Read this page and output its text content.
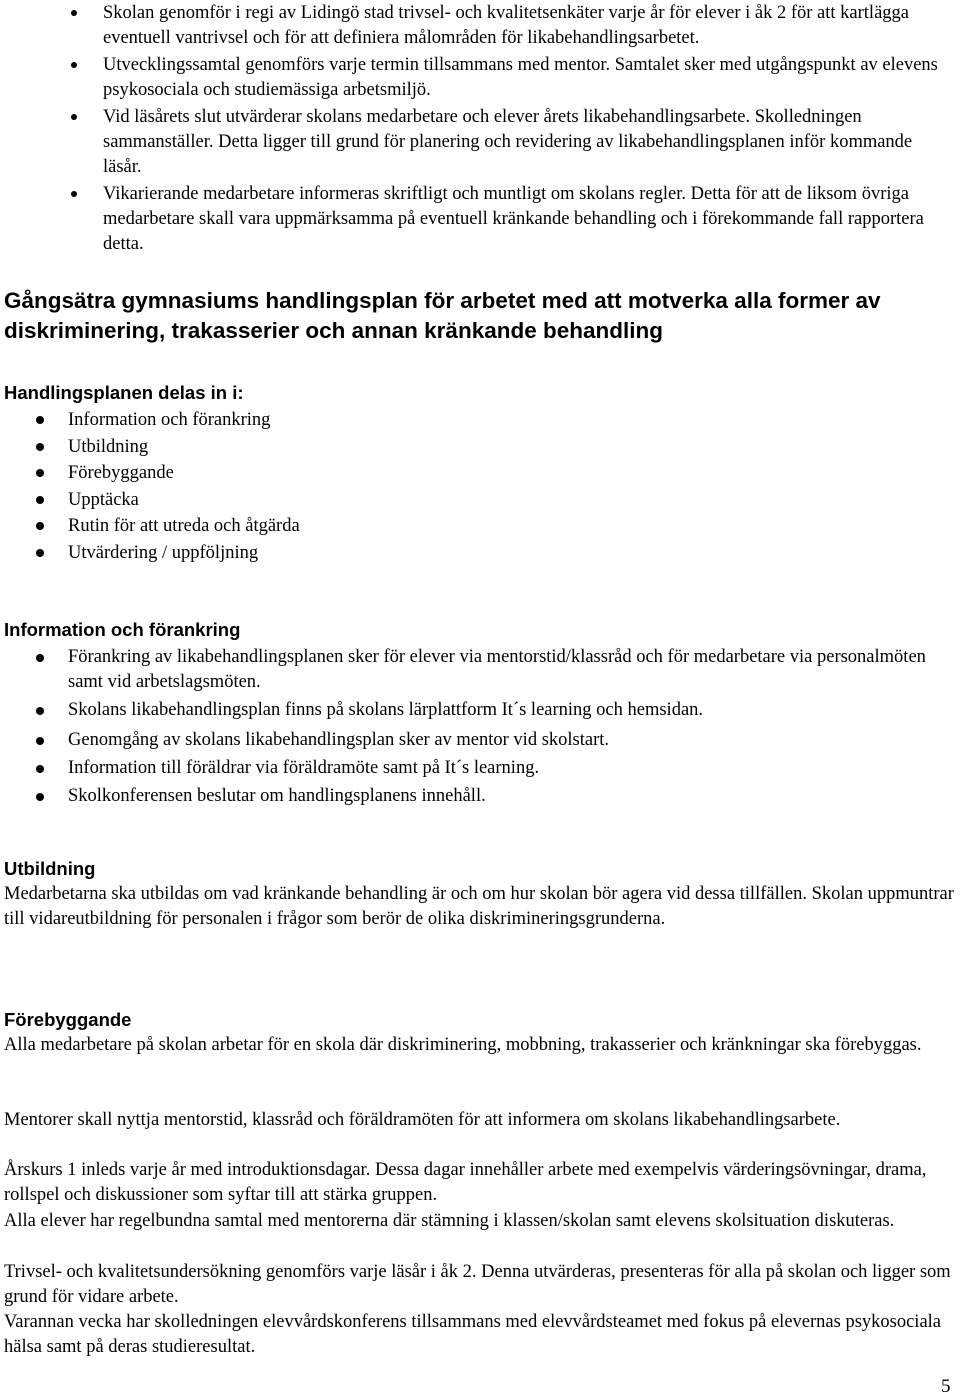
Skolan genomför i regi av Lidingö stad trivsel- och kvalitetsenkäter varje år för elever i åk 2 för att kartlägga eventuell vantrivsel och för att definiera målområden för likabehandlingsarbetet.
Utvecklingssamtal genomförs varje termin tillsammans med mentor. Samtalet sker med utgångspunkt av elevens psykosociala och studiemässiga arbetsmiljö.
Vid läsårets slut utvärderar skolans medarbetare och elever årets likabehandlingsarbete. Skolledningen sammanställer. Detta ligger till grund för planering och revidering av likabehandlingsplanen inför kommande läsår.
Vikarierande medarbetare informeras skriftligt och muntligt om skolans regler. Detta för att de liksom övriga medarbetare skall vara uppmärksamma på eventuell kränkande behandling och i förekommande fall rapportera detta.
Gångsätra gymnasiums handlingsplan för arbetet med att motverka alla former av diskriminering, trakasserier och annan kränkande behandling
Handlingsplanen delas in i:
Information och förankring
Utbildning
Förebyggande
Upptäcka
Rutin för att utreda och åtgärda
Utvärdering / uppföljning
Information och förankring
Förankring av likabehandlingsplanen sker för elever via mentorstid/klassråd och för medarbetare via personalmöten samt vid arbetslagsmöten.
Skolans likabehandlingsplan finns på skolans lärplattform It´s learning och hemsidan.
Genomgång av skolans likabehandlingsplan sker av mentor vid skolstart.
Information till föräldrar via föräldramöte samt på It´s learning.
Skolkonferensen beslutar om handlingsplanens innehåll.
Utbildning

Medarbetarna ska utbildas om vad kränkande behandling är och om hur skolan bör agera vid dessa tillfällen. Skolan uppmuntrar till vidareutbildning för personalen i frågor som berör de olika diskrimineringsgrunderna.

Förebyggande

Alla medarbetare på skolan arbetar för en skola där diskriminering, mobbning, trakasserier och kränkningar ska förebyggas.

Mentorer skall nyttja mentorstid, klassråd och föräldramöten för att informera om skolans likabehandlingsarbete.

Årskurs 1 inleds varje år med introduktionsdagar. Dessa dagar innehåller arbete med exempelvis värderingsövningar, drama, rollspel och diskussioner som syftar till att stärka gruppen.

Alla elever har regelbundna samtal med mentorerna där stämning i klassen/skolan samt elevens skolsituation diskuteras.

Trivsel- och kvalitetsundersökning genomförs varje läsår i åk 2. Denna utvärderas, presenteras för alla på skolan och ligger som grund för vidare arbete.

Varannan vecka har skolledningen elevvårdskonferens tillsammans med elevvårdsteamet med fokus på elevernas psykosociala hälsa samt på deras studieresultat.

5
